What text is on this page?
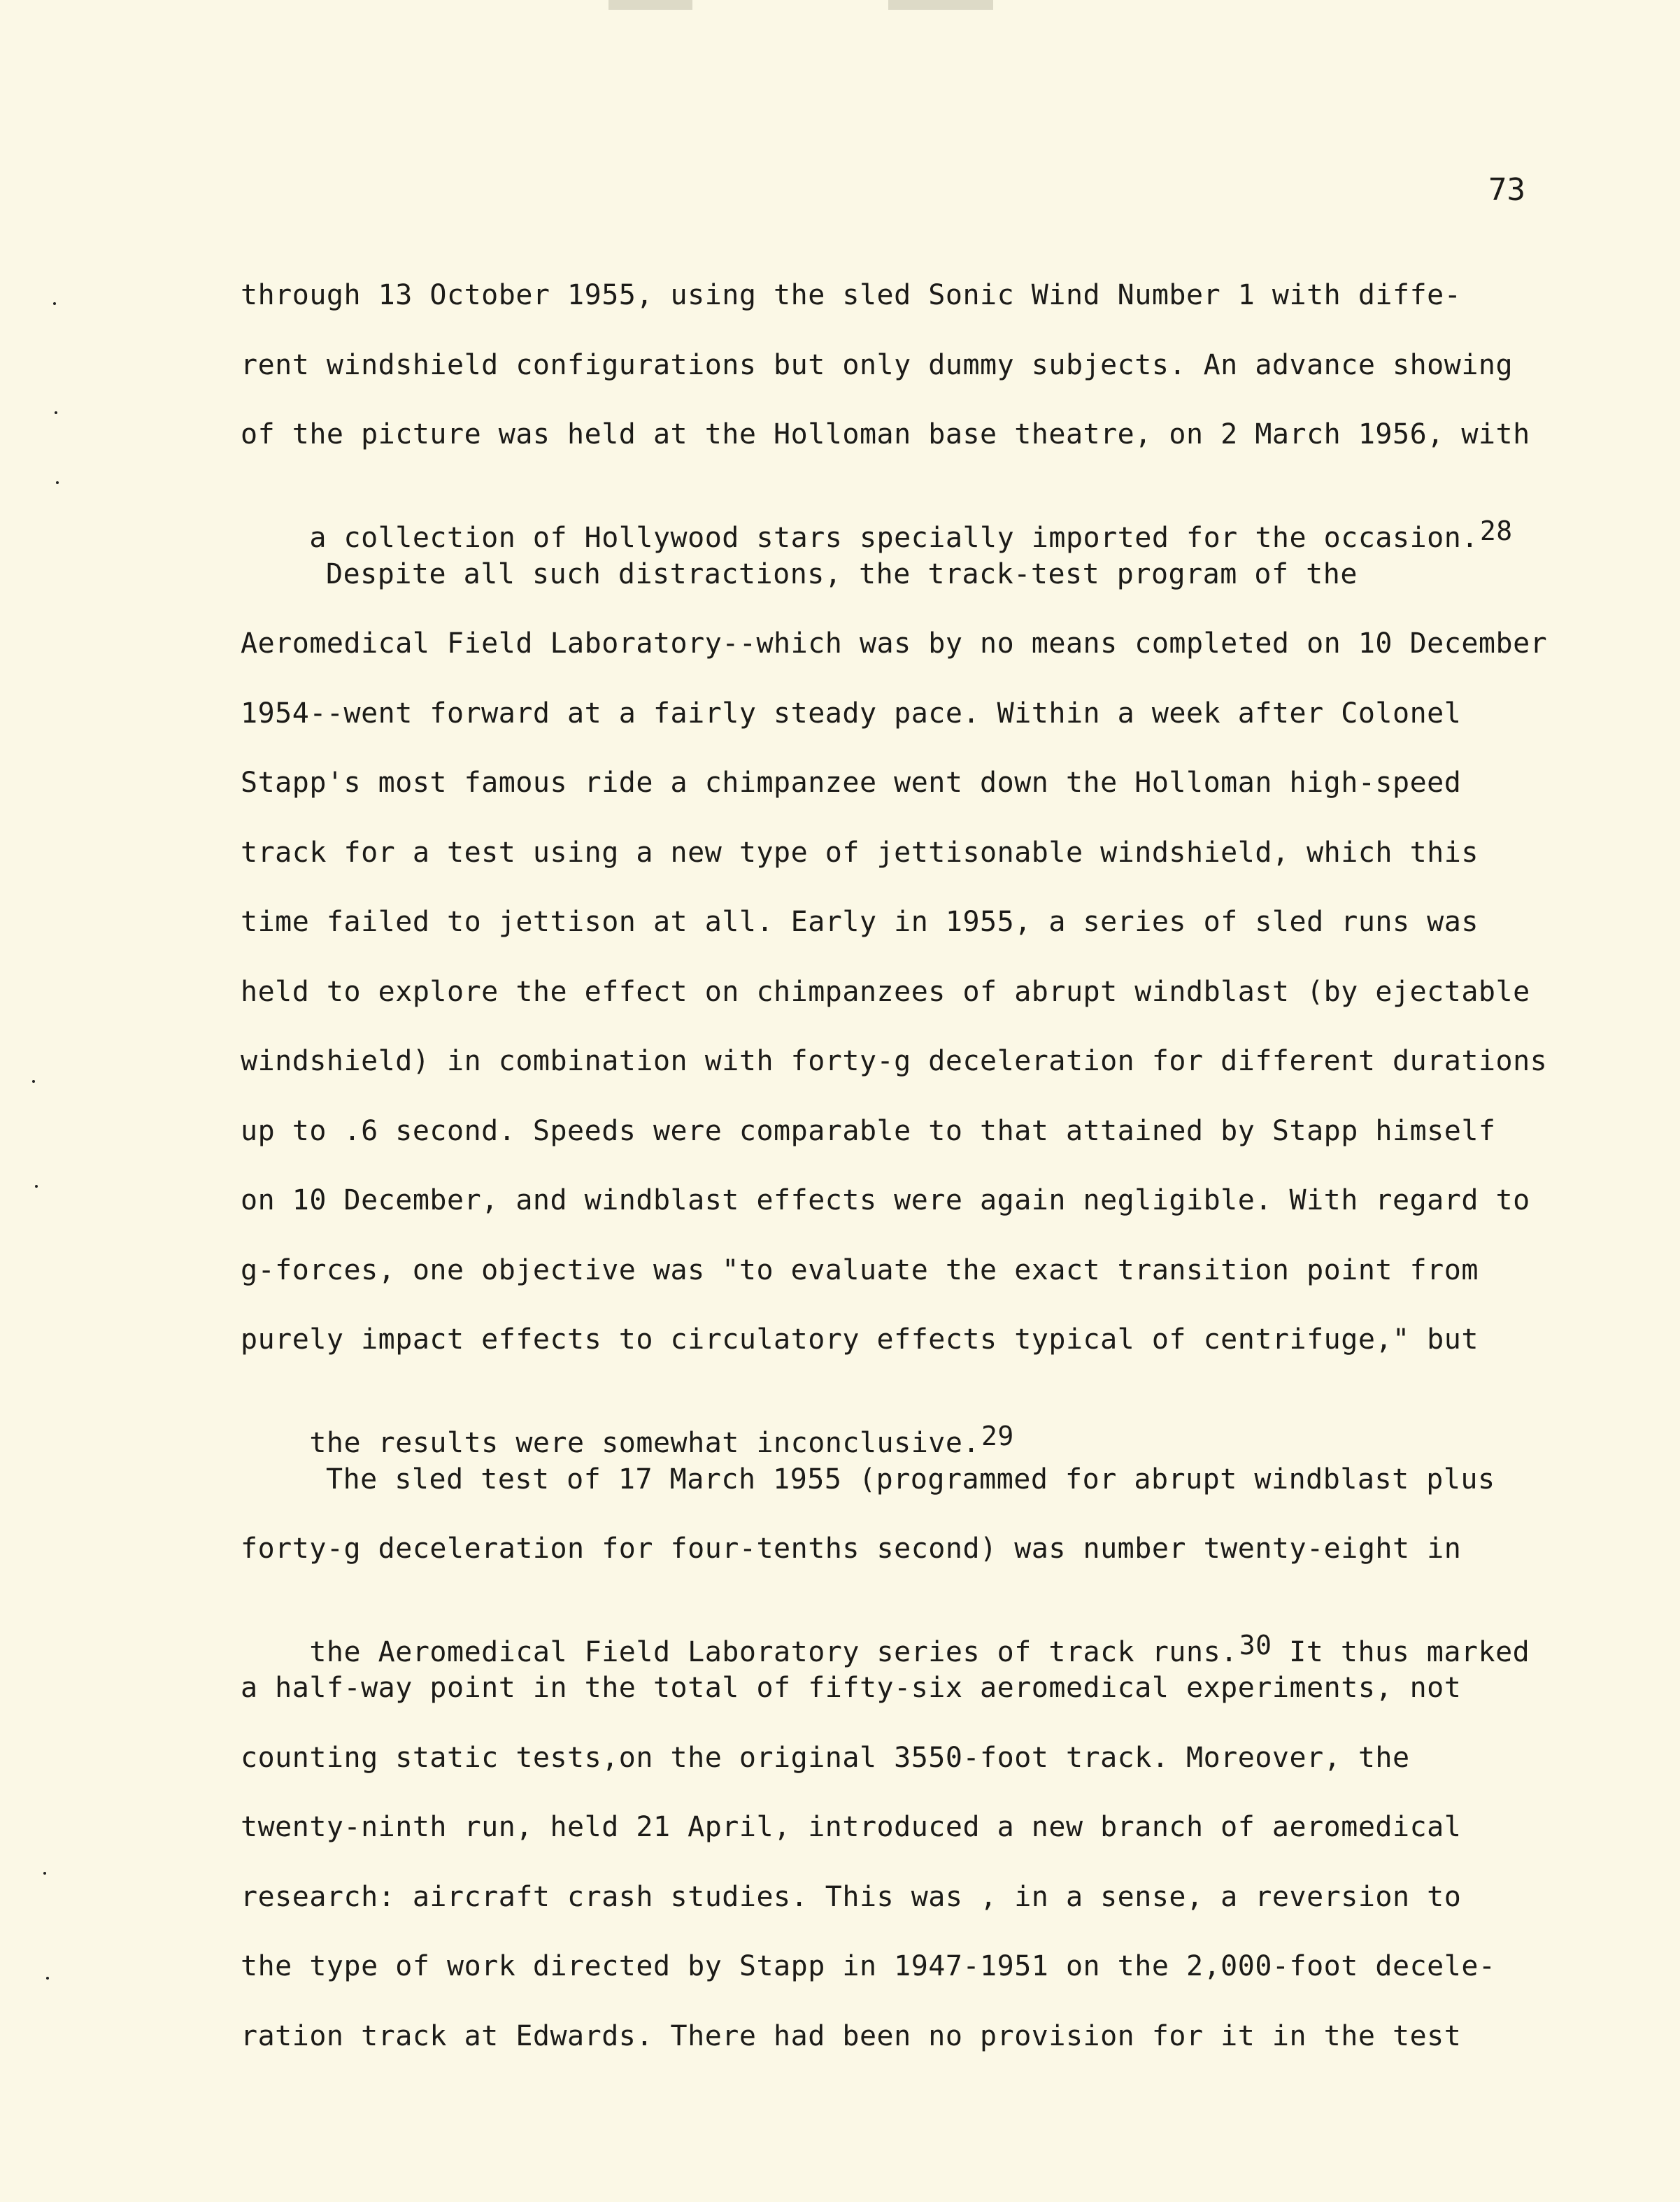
73
through 13 October 1955, using the sled Sonic Wind Number 1 with diffe-
rent windshield configurations but only dummy subjects. An advance showing
of the picture was held at the Holloman base theatre, on 2 March 1956, with

a collection of Hollywood stars specially imported for the occasion.$^{28}$

Despite all such distractions, the track-test program of the
Aeromedical Field Laboratory--which was by no means completed on 10 December
1954--went forward at a fairly steady pace. Within a week after Colonel
Stapp's most famous ride a chimpanzee went down the Holloman high-speed
track for a test using a new type of jettisonable windshield, which this
time failed to jettison at all. Early in 1955, a series of sled runs was
held to explore the effect on chimpanzees of abrupt windblast (by ejectable
windshield) in combination with forty-g deceleration for different durations
up to .6 second. Speeds were comparable to that attained by Stapp himself
on 10 December, and windblast effects were again negligible. With regard to
g-forces, one objective was "to evaluate the exact transition point from
purely impact effects to circulatory effects typical of centrifuge," but

the results were somewhat inconclusive.$^{29}$

The sled test of 17 March 1955 (programmed for abrupt windblast plus
forty-g deceleration for four-tenths second) was number twenty-eight in

the Aeromedical Field Laboratory series of track runs.$^{30}$ It thus marked

a half-way point in the total of fifty-six aeromedical experiments, not
counting static tests,on the original 3550-foot track. Moreover, the
twenty-ninth run, held 21 April, introduced a new branch of aeromedical
research: aircraft crash studies. This was , in a sense, a reversion to
the type of work directed by Stapp in 1947-1951 on the 2,000-foot decele-
ration track at Edwards. There had been no provision for it in the test
